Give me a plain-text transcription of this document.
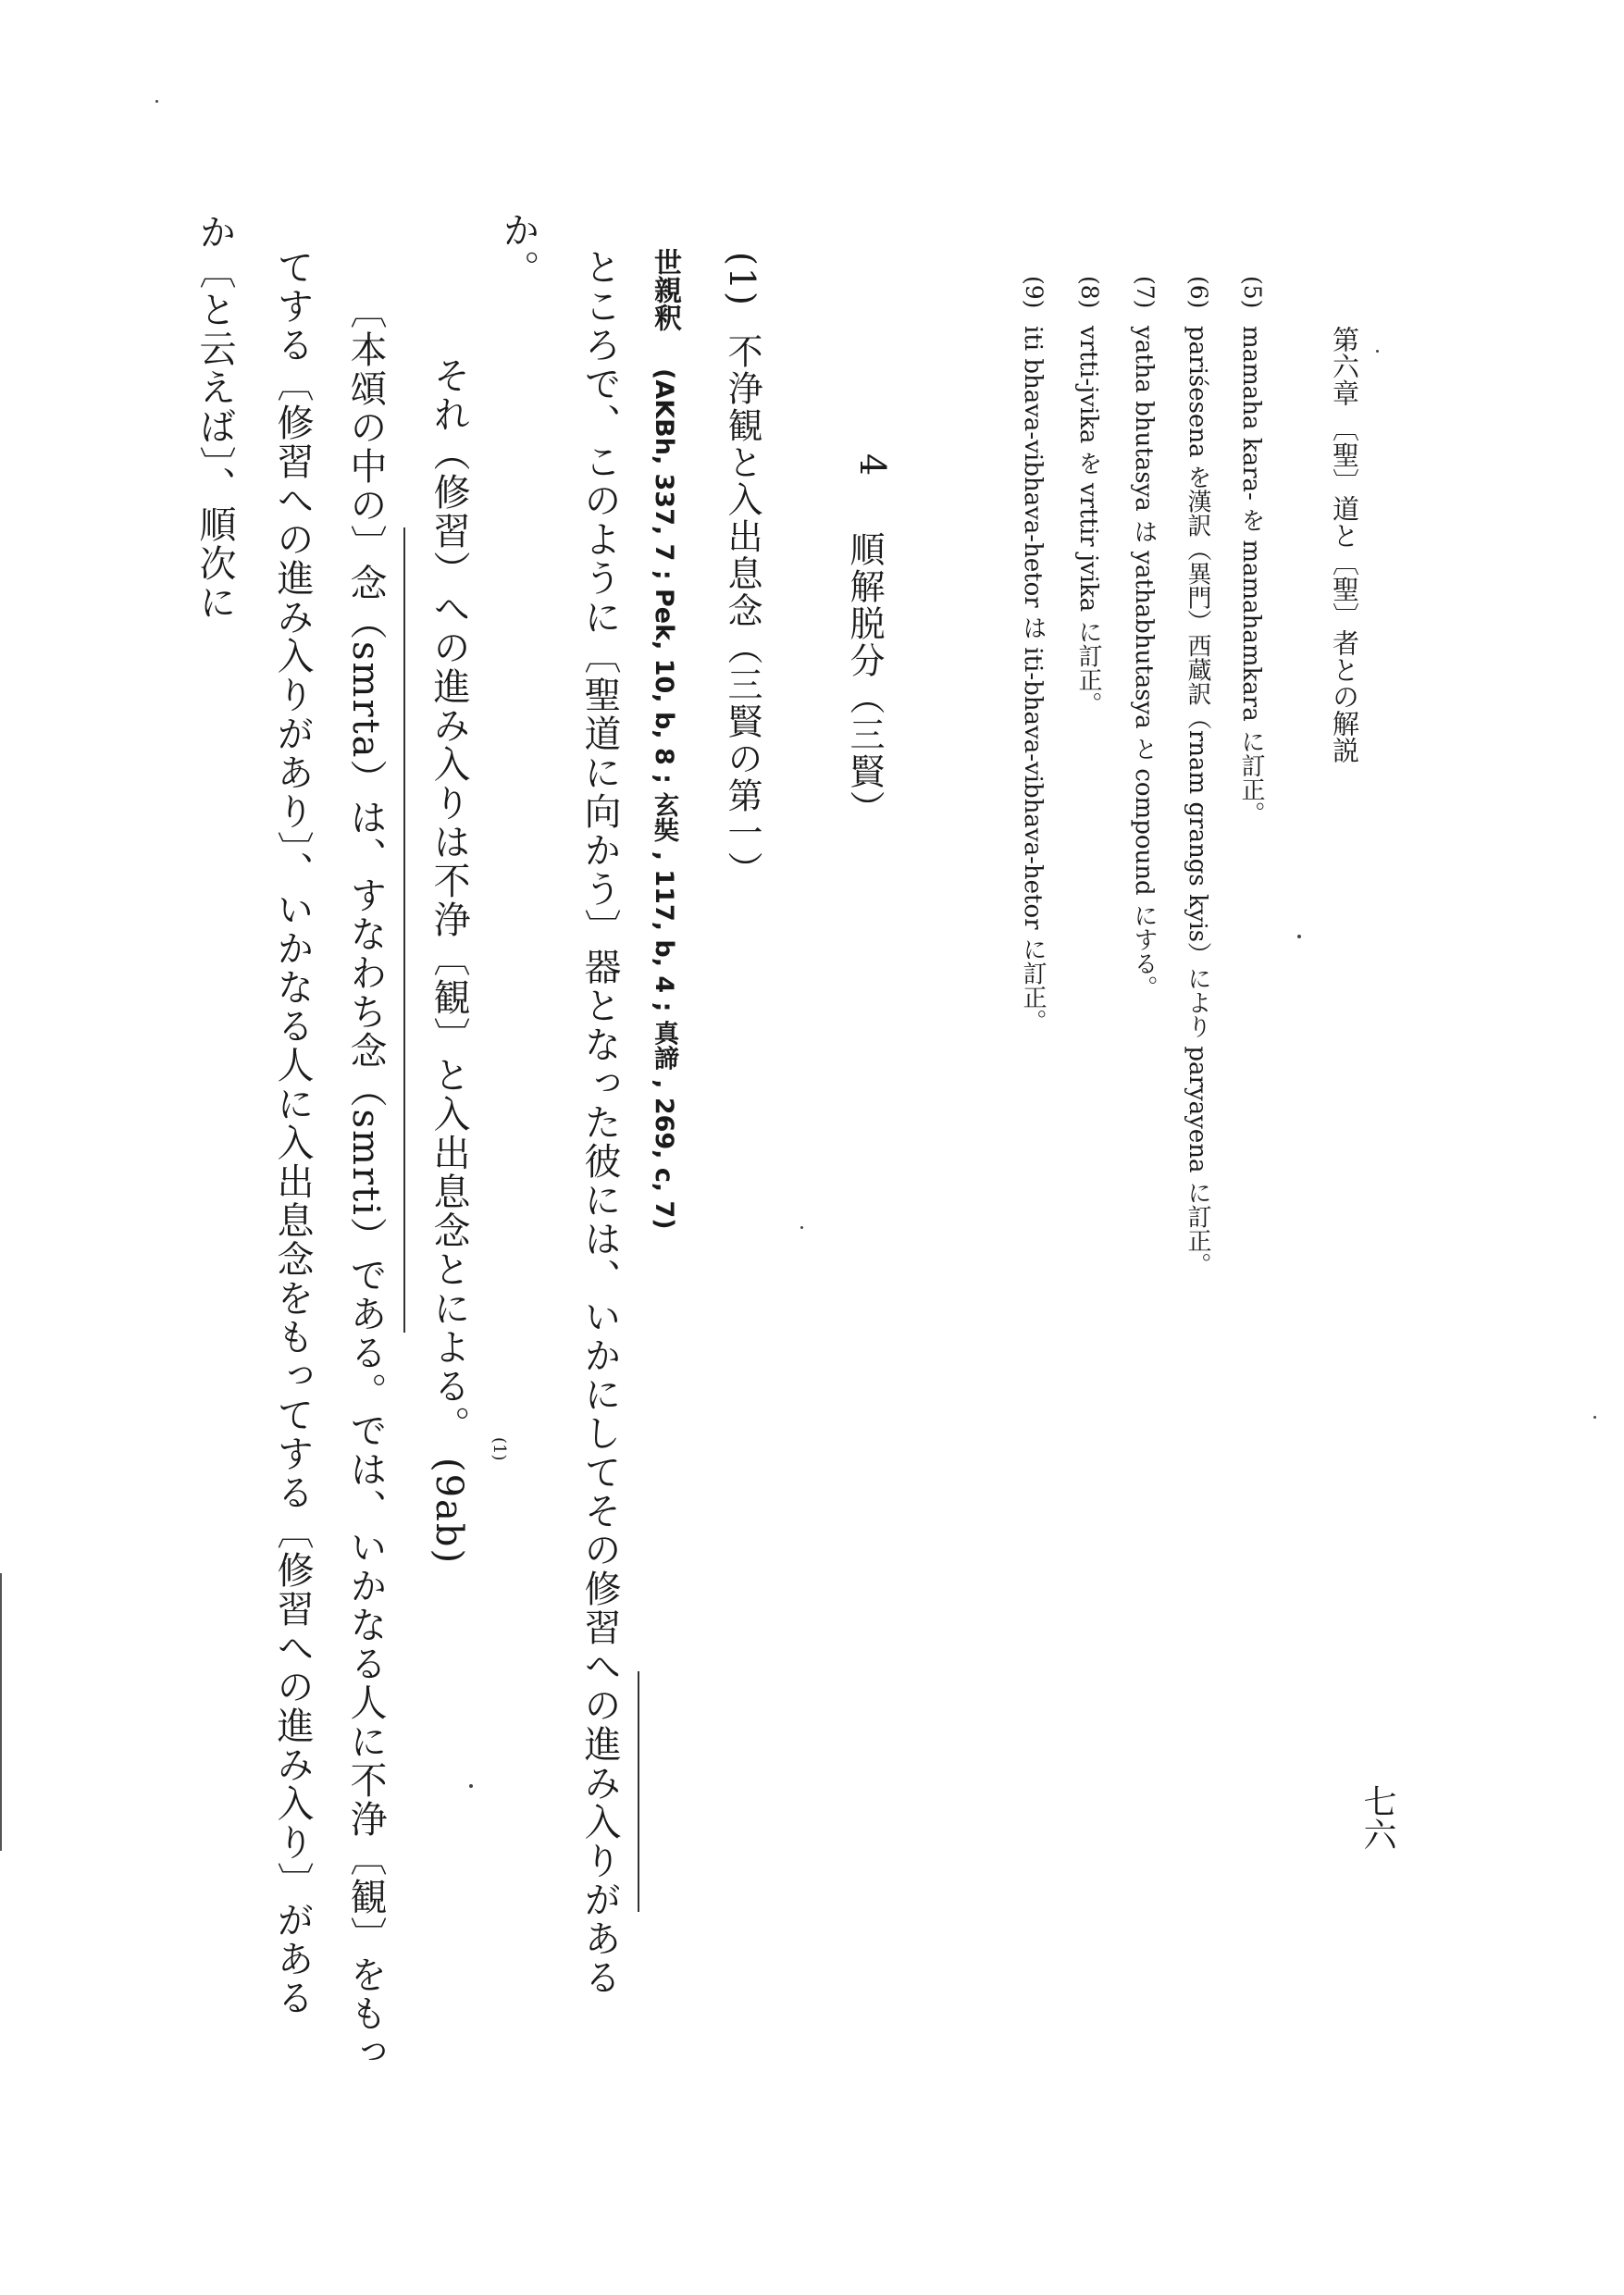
第六章 〔聖〕道と〔聖〕者との解説
七六
(5)
mamaha kara- を mamahamkara に訂正。
(6)
pariśesena を漢訳（異門）西蔵訳（rnam grangs kyis）により paryayena に訂正。
(7)
yatha bhutasya は yathabhutasya と compound にする。
(8)
vrtti-jvika を vrttir jvika に訂正。
(9)
iti bhava-vibhava-hetor は iti-bhava-vibhava-hetor に訂正。
4
順解脱分（三賢）
(1)
不浄観と入出息念（三賢の第一）
世親釈
(AKBh, 337, 7 ; Pek, 10, b, 8 ; 玄奘 , 117, b, 4 ; 真諦 , 269, c, 7)
ところで、このように〔聖道に向かう〕器となった彼には、いかにしてその修習への進み入りがある
か。
それ（修習）への進み入りは不浄〔観〕と入出息念とによる。
(1)
(9ab)
〔本頌の中の〕念（smrta）は、すなわち念（smrti）である。では、いかなる人に不浄〔観〕をもっ
てする〔修習への進み入りがあり〕、いかなる人に入出息念をもってする〔修習への進み入り〕がある
か〔と云えば〕、順次に
